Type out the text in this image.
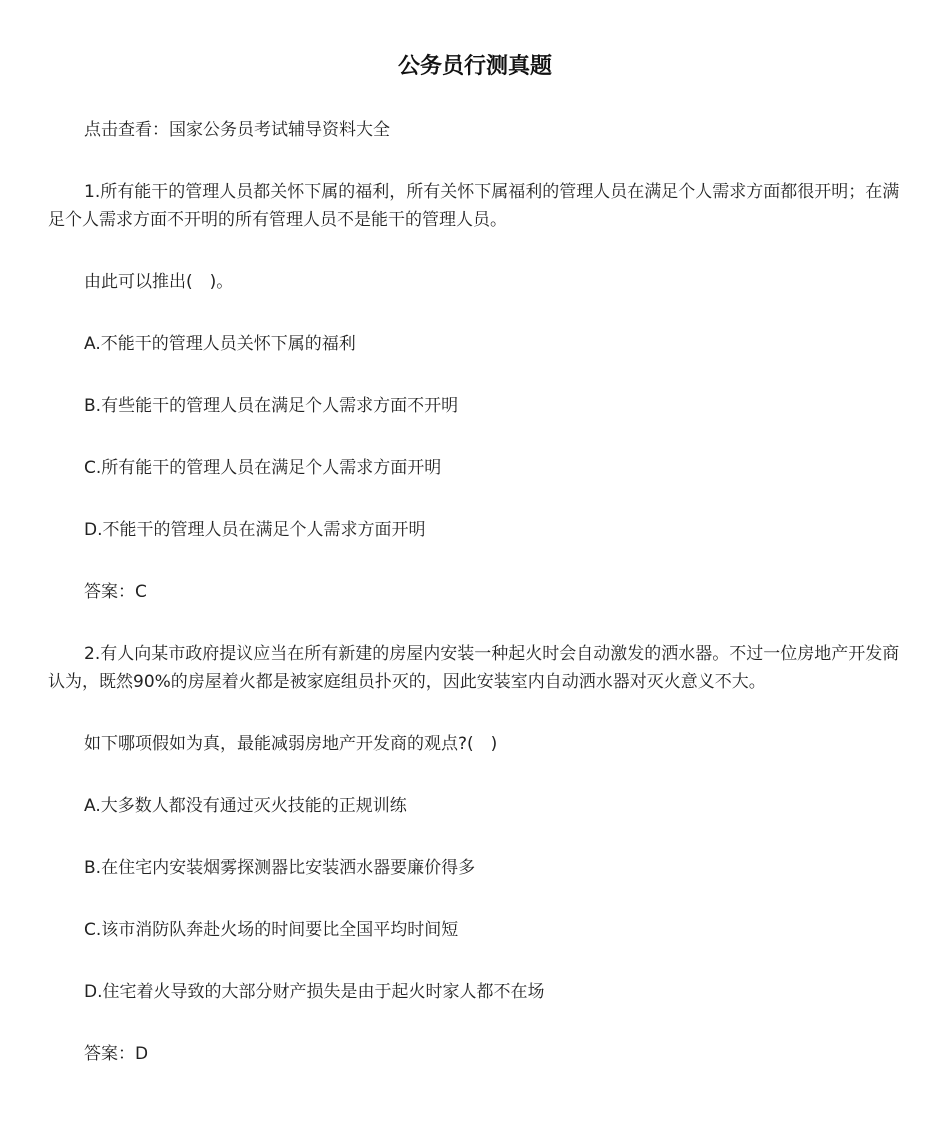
公务员行测真题

点击查看：国家公务员考试辅导资料大全

1.所有能干的管理人员都关怀下属的福利，所有关怀下属福利的管理人员在满足个人需求方面都很开明；在满足个人需求方面不开明的所有管理人员不是能干的管理人员。

由此可以推出(　)。

A.不能干的管理人员关怀下属的福利

B.有些能干的管理人员在满足个人需求方面不开明

C.所有能干的管理人员在满足个人需求方面开明

D.不能干的管理人员在满足个人需求方面开明

答案：C

2.有人向某市政府提议应当在所有新建的房屋内安装一种起火时会自动激发的洒水器。不过一位房地产开发商认为，既然90%的房屋着火都是被家庭组员扑灭的，因此安装室内自动洒水器对灭火意义不大。

如下哪项假如为真，最能减弱房地产开发商的观点?(　)

A.大多数人都没有通过灭火技能的正规训练

B.在住宅内安装烟雾探测器比安装洒水器要廉价得多

C.该市消防队奔赴火场的时间要比全国平均时间短

D.住宅着火导致的大部分财产损失是由于起火时家人都不在场

答案：D
